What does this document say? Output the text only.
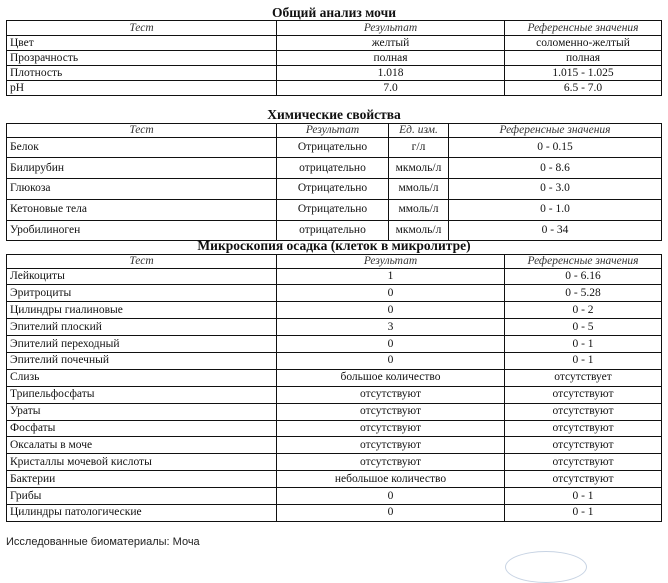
Общий анализ мочи		

Тест	Результат	Референсные значения
Цвет	желтый	соломенно-желтый
Прозрачность	полная	полная
Плотность	1.018	1.015 - 1.025
pH	7.0	6.5 - 7.0
Химические свойства			

Тест	Результат	Ед. изм.	Референсные значения
Белок	Отрицательно	г/л	0 - 0.15
Билирубин	отрицательно	мкмоль/л	0 - 8.6
Глюкоза	Отрицательно	ммоль/л	0 - 3.0
Кетоновые тела	Отрицательно	ммоль/л	0 - 1.0
Уробилиноген	отрицательно	мкмоль/л	0 - 34
Микроскопия осадка (клеток в микролитре)		

Тест	Результат	Референсные значения
Лейкоциты	1	0 - 6.16
Эритроциты	0	0 - 5.28
Цилиндры гиалиновые	0	0 - 2
Эпителий плоский	3	0 - 5
Эпителий переходный	0	0 - 1
Эпителий почечный	0	0 - 1
Слизь	большое количество	отсутствует
Трипельфосфаты	отсутствуют	отсутствуют
Ураты	отсутствуют	отсутствуют
Фосфаты	отсутствуют	отсутствуют
Оксалаты в моче	отсутствуют	отсутствуют
Кристаллы мочевой кислоты	отсутствуют	отсутствуют
Бактерии	небольшое количество	отсутствуют
Грибы	0	0 - 1
Цилиндры патологические	0	0 - 1
Исследованные биоматериалы: Моча
